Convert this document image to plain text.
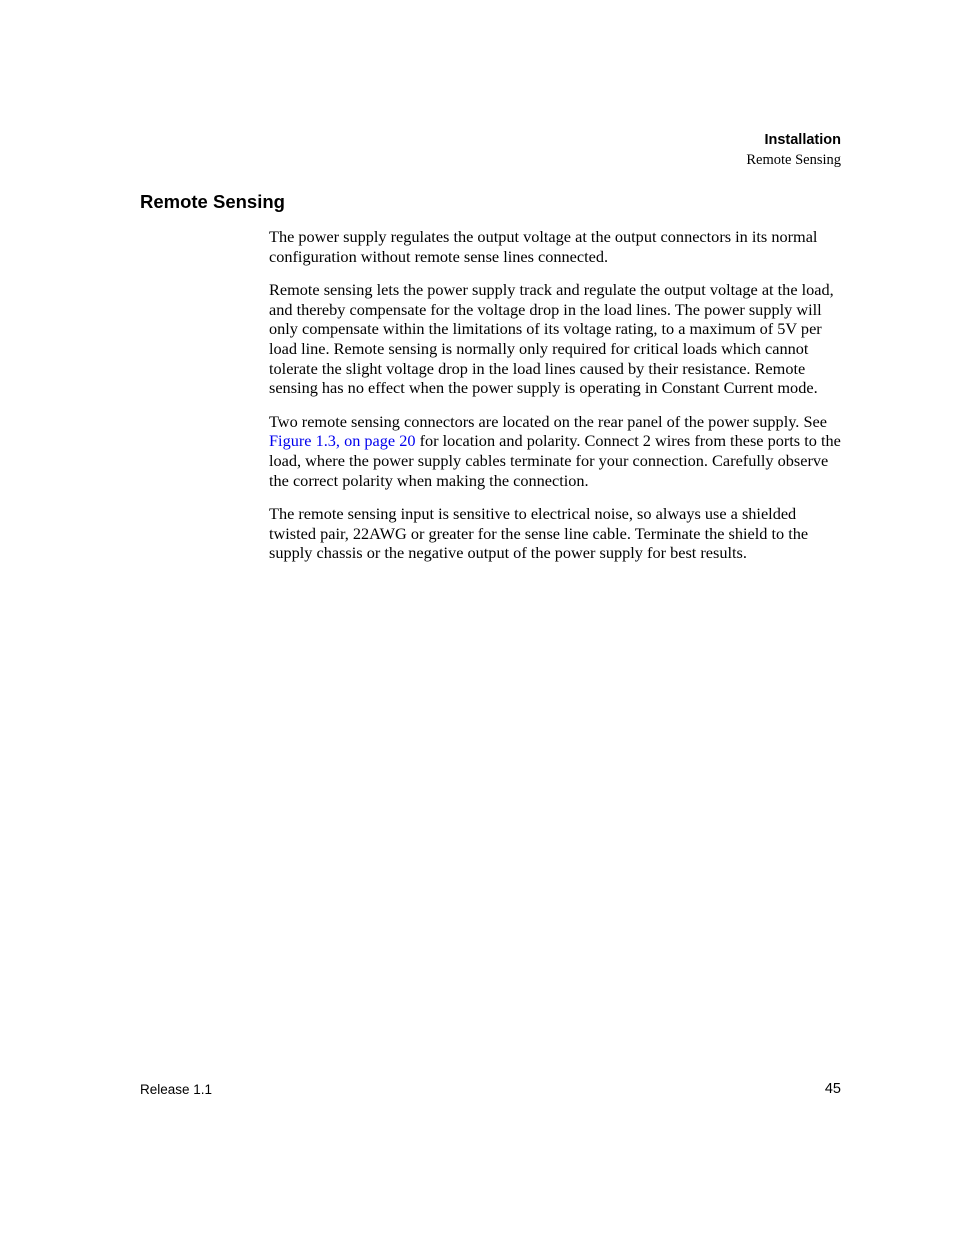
Installation
Remote Sensing
Remote Sensing

The power supply regulates the output voltage at the output connectors in its normal configuration without remote sense lines connected.

Remote sensing lets the power supply track and regulate the output voltage at the load, and thereby compensate for the voltage drop in the load lines. The power supply will only compensate within the limitations of its voltage rating, to a maximum of 5V per load line. Remote sensing is normally only required for critical loads which cannot tolerate the slight voltage drop in the load lines caused by their resistance. Remote sensing has no effect when the power supply is operating in Constant Current mode.

Two remote sensing connectors are located on the rear panel of the power supply. See Figure 1.3, on page 20 for location and polarity. Connect 2 wires from these ports to the load, where the power supply cables terminate for your connection. Carefully observe the correct polarity when making the connection.

The remote sensing input is sensitive to electrical noise, so always use a shielded twisted pair, 22AWG or greater for the sense line cable. Terminate the shield to the supply chassis or the negative output of the power supply for best results.

Release 1.1	45
